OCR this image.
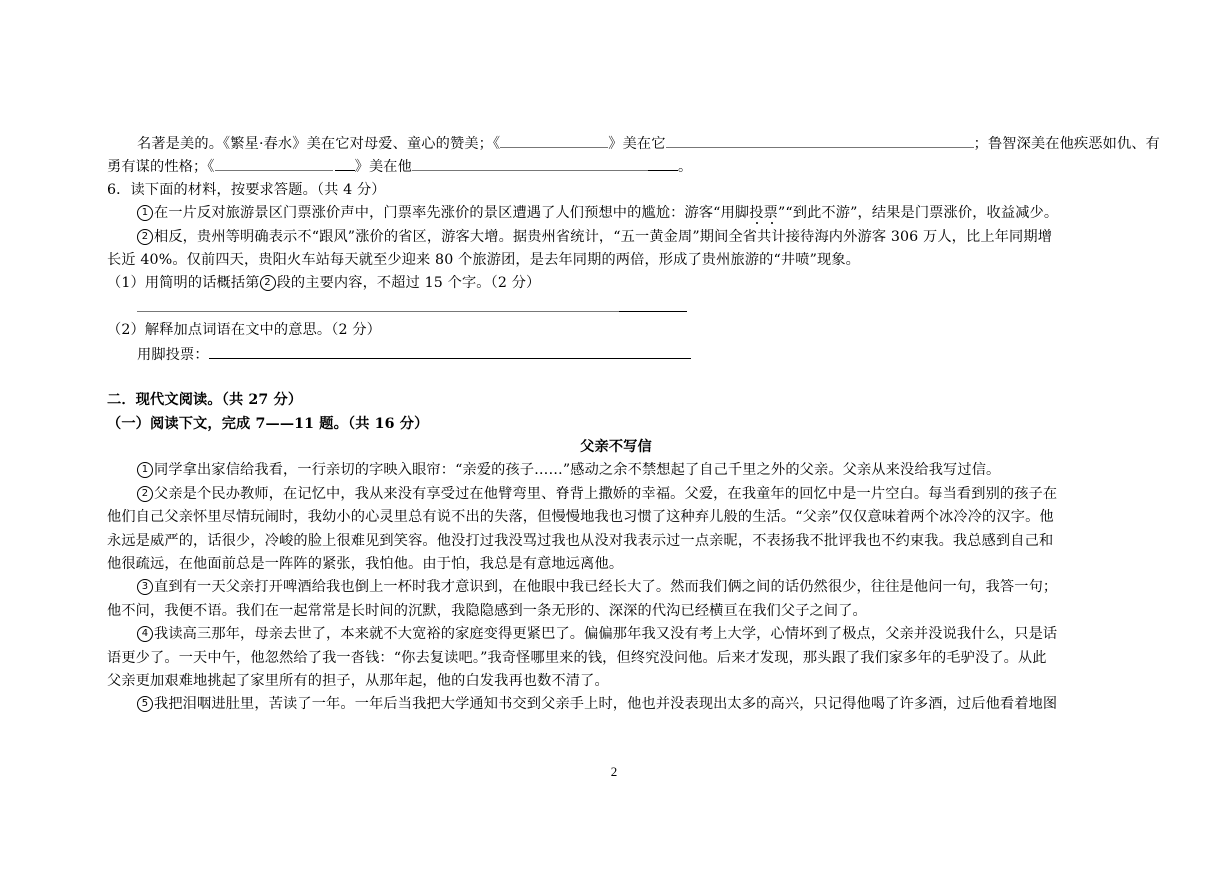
名著是美的。《繁星·春水》美在它对母爱、童心的赞美；《	》美在它	；鲁智深美在他疾恶如仇、有
勇有谋的性格；《	》美在他	。
6．读下面的材料，按要求答题。（共 4 分）
1 在一片反对旅游景区门票涨价声中，门票率先涨价的景区遭遇了人们预想中的尴尬：游客“用脚投票”“到此不游”，结果是门票涨价，收益减少。
2 相反，贵州等明确表示不“跟风”涨价的省区，游客大增。据贵州省统计，“五一黄金周”期间全省共计接待海内外游客 306 万人，比上年同期增
长近 40%。仅前四天，贵阳火车站每天就至少迎来 80 个旅游团，是去年同期的两倍，形成了贵州旅游的“井喷”现象。
（1）用简明的话概括第 2 段的主要内容，不超过 15 个字。（2 分）
（2）解释加点词语在文中的意思。（2 分）
用脚投票：
二．现代文阅读。（共 27 分）
（一）阅读下文，完成 7——11 题。（共 16 分）
父亲不写信
1 同学拿出家信给我看，一行亲切的字映入眼帘：“亲爱的孩子……”感动之余不禁想起了自己千里之外的父亲。父亲从来没给我写过信。
2 父亲是个民办教师，在记忆中，我从来没有享受过在他臂弯里、脊背上撒娇的幸福。父爱，在我童年的回忆中是一片空白。每当看到别的孩子在
他们自己父亲怀里尽情玩闹时，我幼小的心灵里总有说不出的失落，但慢慢地我也习惯了这种弃儿般的生活。“父亲”仅仅意味着两个冰冷冷的汉字。他
永远是威严的，话很少，冷峻的脸上很难见到笑容。他没打过我没骂过我也从没对我表示过一点亲昵，不表扬我不批评我也不约束我。我总感到自己和
他很疏远，在他面前总是一阵阵的紧张，我怕他。由于怕，我总是有意地远离他。
3 直到有一天父亲打开啤酒给我也倒上一杯时我才意识到，在他眼中我已经长大了。然而我们俩之间的话仍然很少，往往是他问一句，我答一句；
他不问，我便不语。我们在一起常常是长时间的沉默，我隐隐感到一条无形的、深深的代沟已经横亘在我们父子之间了。
4 我读高三那年，母亲去世了，本来就不大宽裕的家庭变得更紧巴了。偏偏那年我又没有考上大学，心情坏到了极点，父亲并没说我什么，只是话
语更少了。一天中午，他忽然给了我一沓钱：“你去复读吧。”我奇怪哪里来的钱，但终究没问他。后来才发现，那头跟了我们家多年的毛驴没了。从此
父亲更加艰难地挑起了家里所有的担子，从那年起，他的白发我再也数不清了。
5 我把泪咽进肚里，苦读了一年。一年后当我把大学通知书交到父亲手上时，他也并没表现出太多的高兴，只记得他喝了许多酒，过后他看着地图
2
